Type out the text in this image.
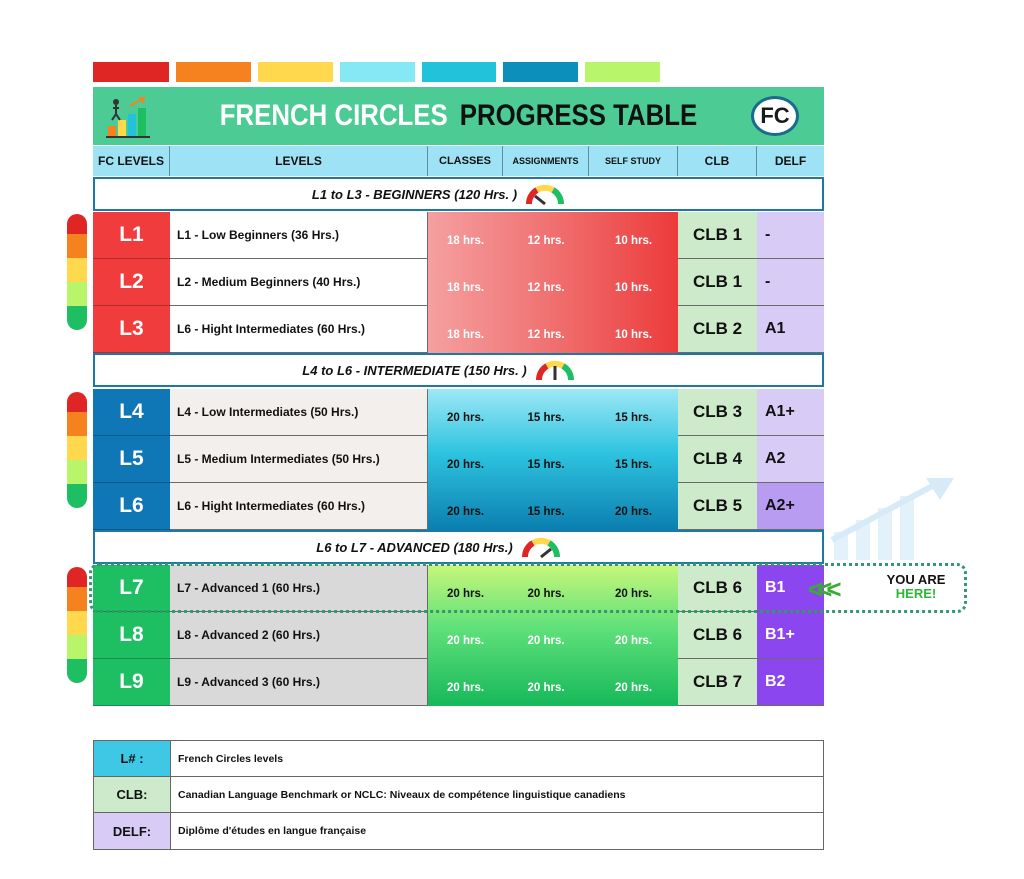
FRENCH CIRCLES PROGRESS TABLE	FC
FC LEVELS	LEVELS	CLASSES	ASSIGNMENTS	SELF STUDY	CLB	DELF
L1 to L3 - BEGINNERS (120 Hrs. )
L4 to L6 - INTERMEDIATE (150 Hrs. )
L6 to L7 - ADVANCED (180 Hrs.)
L1	L1 - Low Beginners (36 Hrs.)	18 hrs.	12 hrs.	10 hrs.	CLB 1	-
L2	L2 - Medium Beginners (40 Hrs.)	18 hrs.	12 hrs.	10 hrs.	CLB 1	-
L3	L6 - Hight Intermediates (60 Hrs.)	18 hrs.	12 hrs.	10 hrs.	CLB 2	A1
L4	L4 - Low Intermediates (50 Hrs.)	20 hrs.	15 hrs.	15 hrs.	CLB 3	A1+
L5	L5 - Medium Intermediates (50 Hrs.)	20 hrs.	15 hrs.	15 hrs.	CLB 4	A2
L6	L6 - Hight Intermediates (60 Hrs.)	20 hrs.	15 hrs.	20 hrs.	CLB 5	A2+
L7	L7 - Advanced 1 (60 Hrs.)	20 hrs.	20 hrs.	20 hrs.	CLB 6	B1
L8	L8 - Advanced 2 (60 Hrs.)	20 hrs.	20 hrs.	20 hrs.	CLB 6	B1+
L9	L9 - Advanced 3 (60 Hrs.)	20 hrs.	20 hrs.	20 hrs.	CLB 7	B2
<<<	YOU ARE
HERE!
L# :	French Circles levels
CLB:	Canadian Language Benchmark or NCLC: Niveaux de compétence linguistique canadiens
DELF:	Diplôme d'études en langue française
